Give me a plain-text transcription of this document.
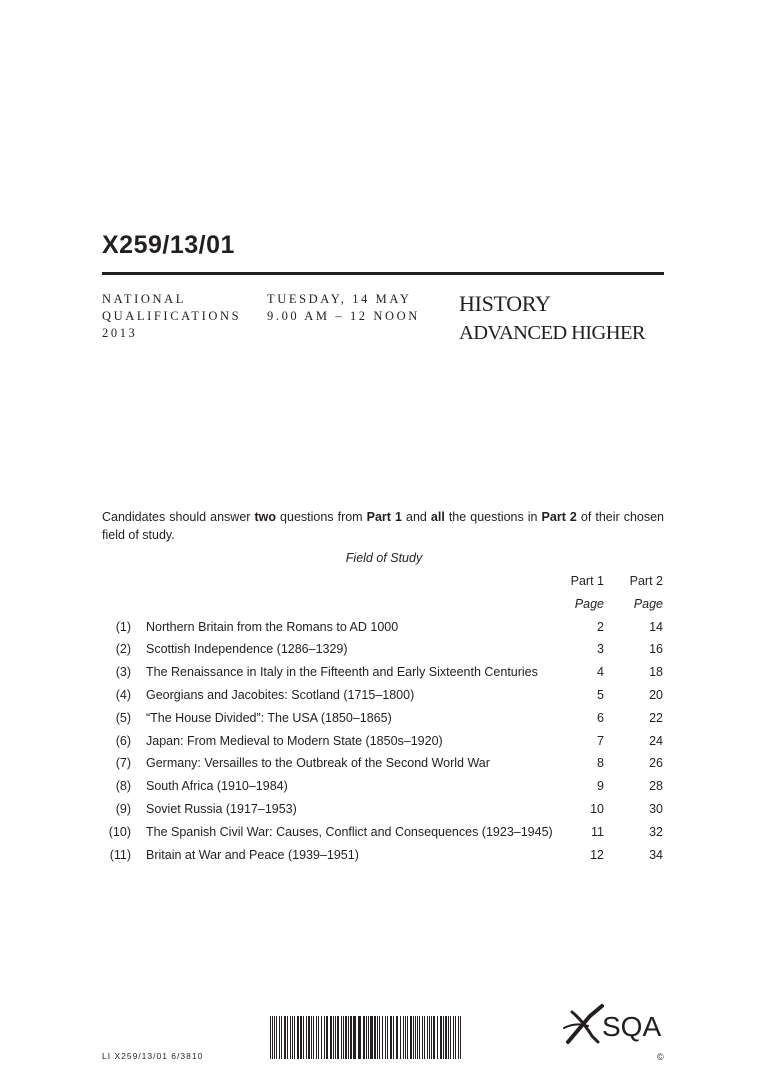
X259/13/01
NATIONAL
QUALIFICATIONS
2013
TUESDAY, 14 MAY
9.00 AM – 12 NOON HISTORY
ADVANCED HIGHER
Candidates should answer two questions from Part 1 and all the questions in Part 2 of their chosen field of study.
Field of Study
Part 1 Part 2
Page Page
(1) Northern Britain from the Romans to AD 1000	2	14
(2) Scottish Independence (1286–1329)	3	16
(3) The Renaissance in Italy in the Fifteenth and Early Sixteenth Centuries	4	18
(4) Georgians and Jacobites: Scotland (1715–1800)	5	20
(5) “The House Divided”: The USA (1850–1865)	6	22
(6) Japan: From Medieval to Modern State (1850s–1920)	7	24
(7) Germany: Versailles to the Outbreak of the Second World War	8	26
(8) South Africa (1910–1984)	9	28
(9) Soviet Russia (1917–1953)	10	30
(10) The Spanish Civil War: Causes, Conflict and Consequences (1923–1945)	11	32
(11) Britain at War and Peace (1939–1951)	12	34
LI X259/13/01 6/3810
SQA
©
